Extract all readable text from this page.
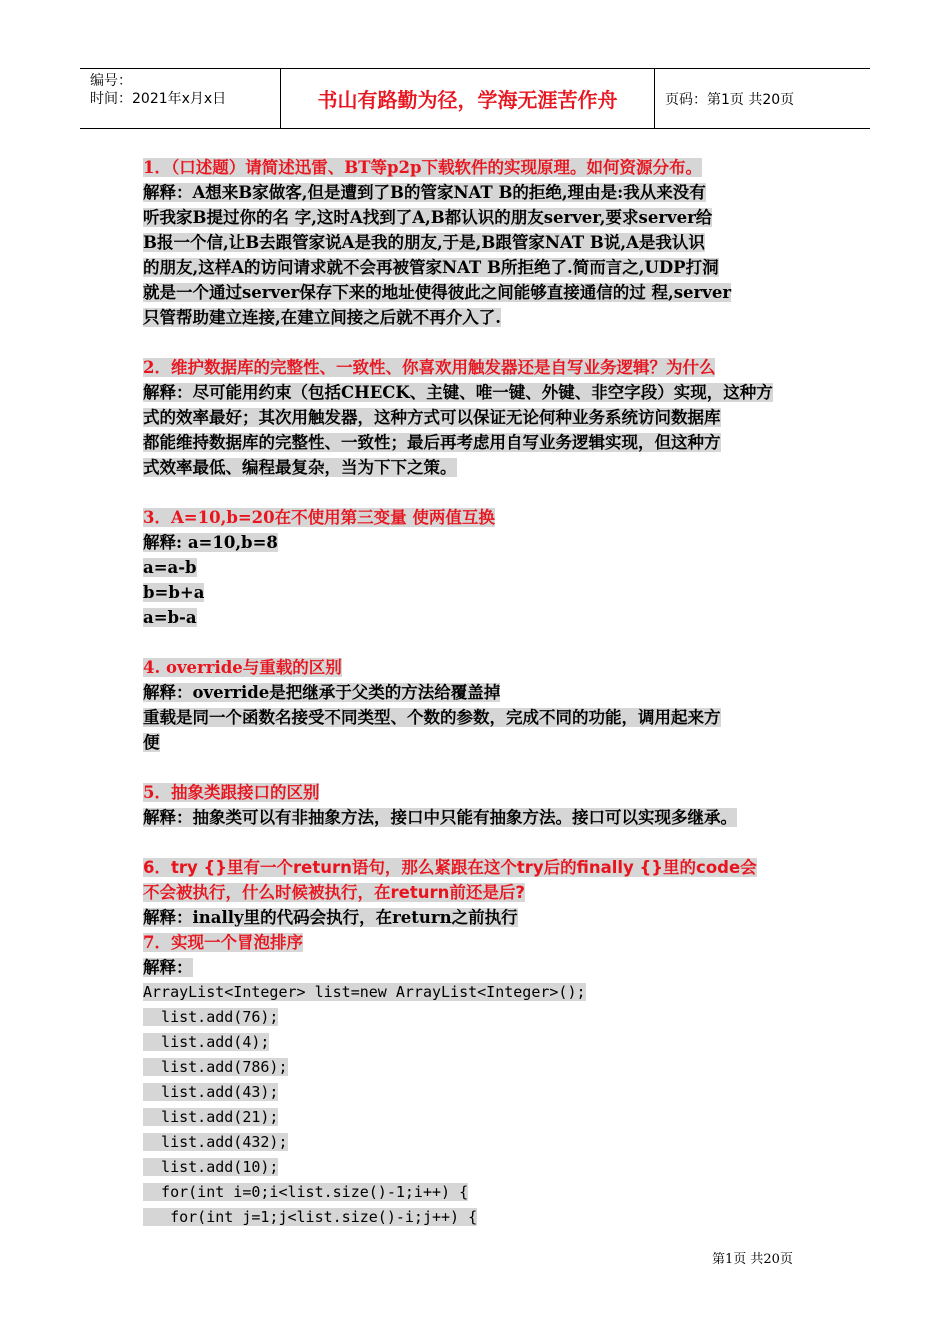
编号：
时间：2021年x月x日	书山有路勤为径，学海无涯苦作舟	页码：第1页 共20页
1．（口述题）请简述迅雷、BT等p2p下载软件的实现原理。如何资源分布。
解释：A想来B家做客,但是遭到了B的管家NAT B的拒绝,理由是:我从来没有
听我家B提过你的名 字,这时A找到了A,B都认识的朋友server,要求server给
B报一个信,让B去跟管家说A是我的朋友,于是,B跟管家NAT B说,A是我认识
的朋友,这样A的访问请求就不会再被管家NAT B所拒绝了.简而言之,UDP打洞
就是一个通过server保存下来的地址使得彼此之间能够直接通信的过 程,server
只管帮助建立连接,在建立间接之后就不再介入了.
2．维护数据库的完整性、一致性、你喜欢用触发器还是自写业务逻辑？为什么
解释：尽可能用约束（包括CHECK、主键、唯一键、外键、非空字段）实现，这种方
式的效率最好；其次用触发器，这种方式可以保证无论何种业务系统访问数据库
都能维持数据库的完整性、一致性；最后再考虑用自写业务逻辑实现，但这种方
式效率最低、编程最复杂，当为下下之策。
3．A=10,b=20在不使用第三变量 使两值互换
解释: a=10,b=8
a=a-b
b=b+a
a=b-a
4. override与重载的区别
解释：override是把继承于父类的方法给覆盖掉
重载是同一个函数名接受不同类型、个数的参数，完成不同的功能，调用起来方
便
5．抽象类跟接口的区别
解释：抽象类可以有非抽象方法，接口中只能有抽象方法。接口可以实现多继承。
6．try {}里有一个return语句，那么紧跟在这个try后的finally {}里的code会
不会被执行，什么时候被执行，在return前还是后?
解释：inally里的代码会执行，在return之前执行
7．实现一个冒泡排序
解释：
ArrayList<Integer> list=new ArrayList<Integer>();
list.add(76);
list.add(4);
list.add(786);
list.add(43);
list.add(21);
list.add(432);
list.add(10);
for(int i=0;i<list.size()-1;i++) {
for(int j=1;j<list.size()-i;j++) {
第1页 共20页
